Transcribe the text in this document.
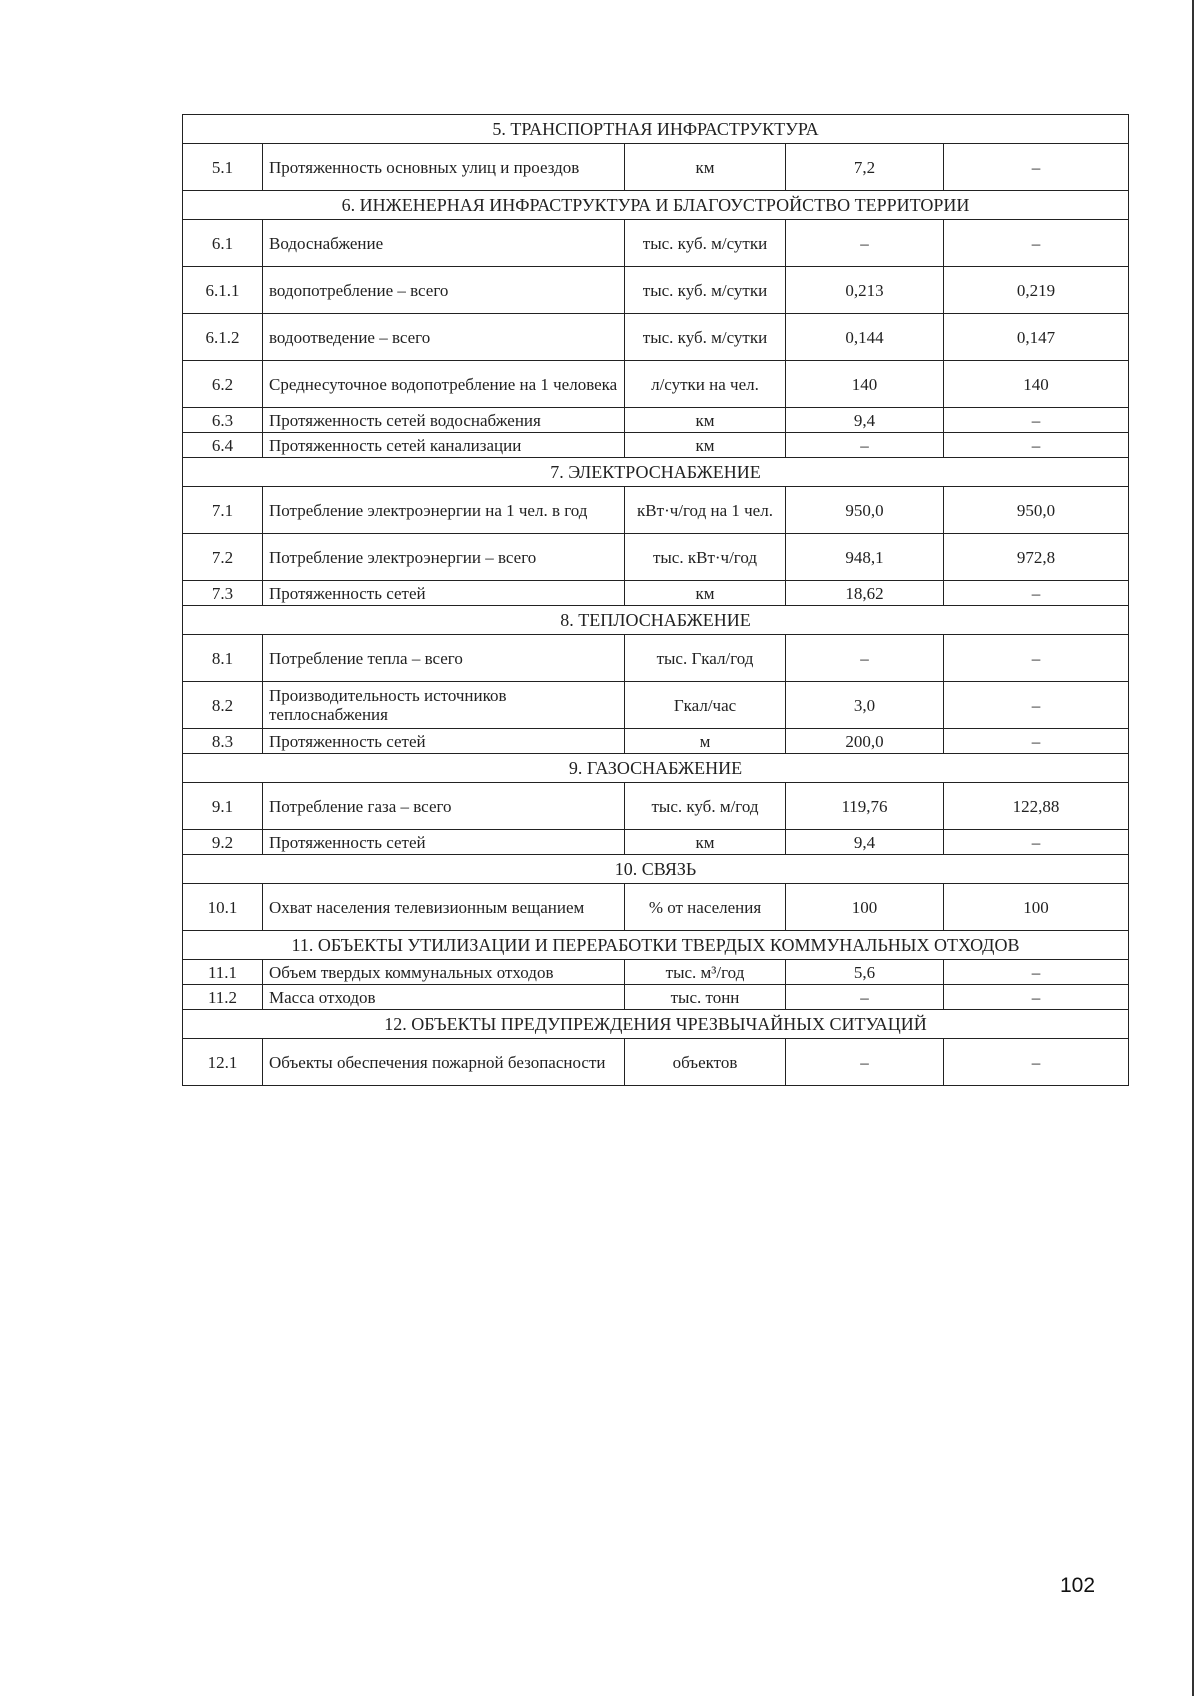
5. ТРАНСПОРТНАЯ ИНФРАСТРУКТУРА				
5.1	Протяженность основных улиц и проездов	км	7,2	–
6. ИНЖЕНЕРНАЯ ИНФРАСТРУКТУРА И БЛАГОУСТРОЙСТВО ТЕРРИТОРИИ				
6.1	Водоснабжение	тыс. куб. м/сутки	–	–
6.1.1	водопотребление – всего	тыс. куб. м/сутки	0,213	0,219
6.1.2	водоотведение – всего	тыс. куб. м/сутки	0,144	0,147
6.2	Среднесуточное водопотребление на 1 человека	л/сутки на чел.	140	140
6.3	Протяженность сетей водоснабжения	км	9,4	–
6.4	Протяженность сетей канализации	км	–	–
7. ЭЛЕКТРОСНАБЖЕНИЕ				
7.1	Потребление электроэнергии на 1 чел. в год	кВт·ч/год на 1 чел.	950,0	950,0
7.2	Потребление электроэнергии – всего	тыс. кВт·ч/год	948,1	972,8
7.3	Протяженность сетей	км	18,62	–
8. ТЕПЛОСНАБЖЕНИЕ				
8.1	Потребление тепла – всего	тыс. Гкал/год	–	–
8.2	Производительность источников теплоснабжения	Гкал/час	3,0	–
8.3	Протяженность сетей	м	200,0	–
9. ГАЗОСНАБЖЕНИЕ				
9.1	Потребление газа – всего	тыс. куб. м/год	119,76	122,88
9.2	Протяженность сетей	км	9,4	–
10. СВЯЗЬ				
10.1	Охват населения телевизионным вещанием	% от населения	100	100
11. ОБЪЕКТЫ УТИЛИЗАЦИИ И ПЕРЕРАБОТКИ ТВЕРДЫХ КОММУНАЛЬНЫХ ОТХОДОВ				
11.1	Объем твердых коммунальных отходов	тыс. м³/год	5,6	–
11.2	Масса отходов	тыс. тонн	–	–
12. ОБЪЕКТЫ ПРЕДУПРЕЖДЕНИЯ ЧРЕЗВЫЧАЙНЫХ СИТУАЦИЙ				
12.1	Объекты обеспечения пожарной безопасности	объектов	–	–
102
